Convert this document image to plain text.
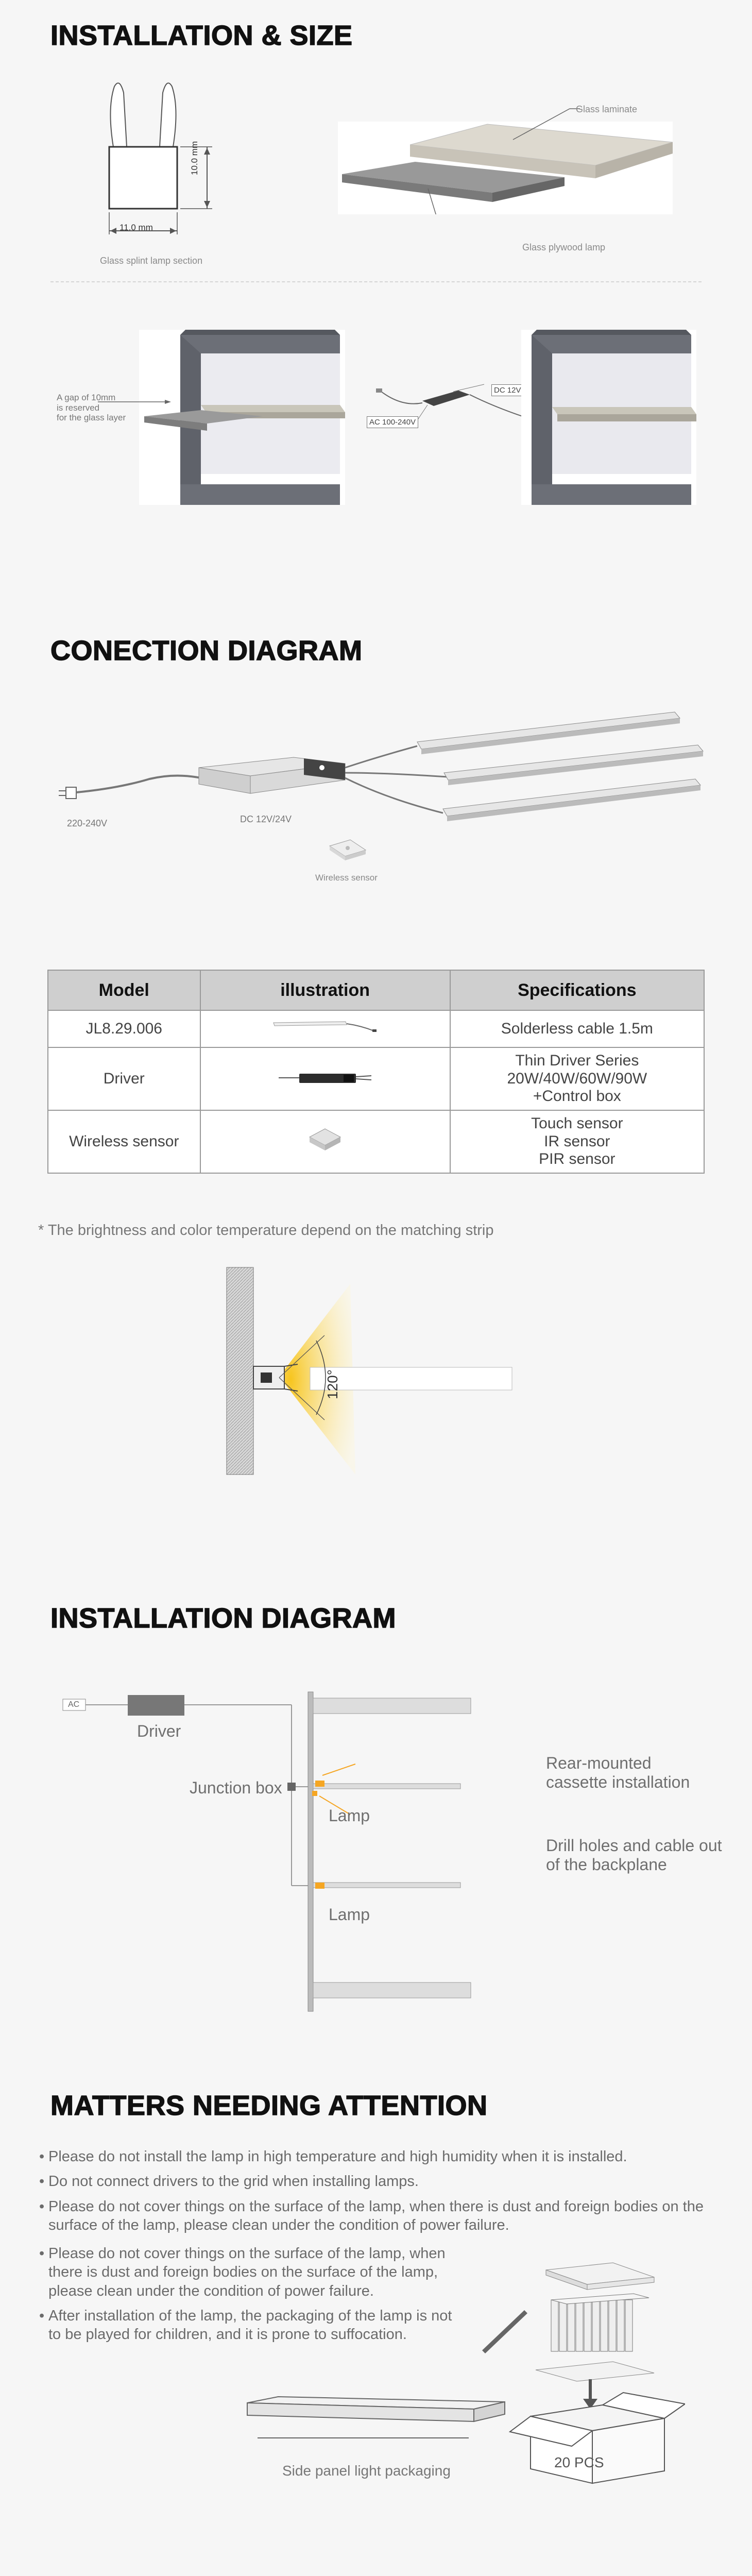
INSTALLATION & SIZE
10.0 mm
11.0 mm
Glass splint lamp section
Glass laminate
Glass plywood lamp
A gap of 10mm
is reserved
for the glass layer
DC 12V
AC 100-240V
CONECTION DIAGRAM
220-240V	DC 12V/24V
Wireless sensor
Model	illustration	Specifications
JL8.29.006		Solderless cable 1.5m

Driver		Thin Driver Series
20W/40W/60W/90W
+Control box

Wireless sensor		Touch sensor
IR sensor
PIR sensor
* The brightness and color temperature depend on the matching strip
120°
INSTALLATION DIAGRAM
AC
Driver
Junction box
Lamp
Lamp
Rear-mounted
cassette installation
Drill holes and cable out
of the backplane
MATTERS NEEDING ATTENTION
• Please do not install the lamp in high temperature and high humidity when it is installed.
• Do not connect drivers to the grid when installing lamps.
• Please do not cover things on the surface of the lamp, when there is dust and foreign bodies on the surface of the lamp, please clean under the condition of power failure.
• Please do not cover things on the surface of the lamp, when there is dust and foreign bodies on the surface of the lamp, please clean under the condition of power failure.
• After installation of the lamp, the packaging of the lamp is not to be played for children, and it is prone to suffocation.
Side panel light packaging
20 PCS
